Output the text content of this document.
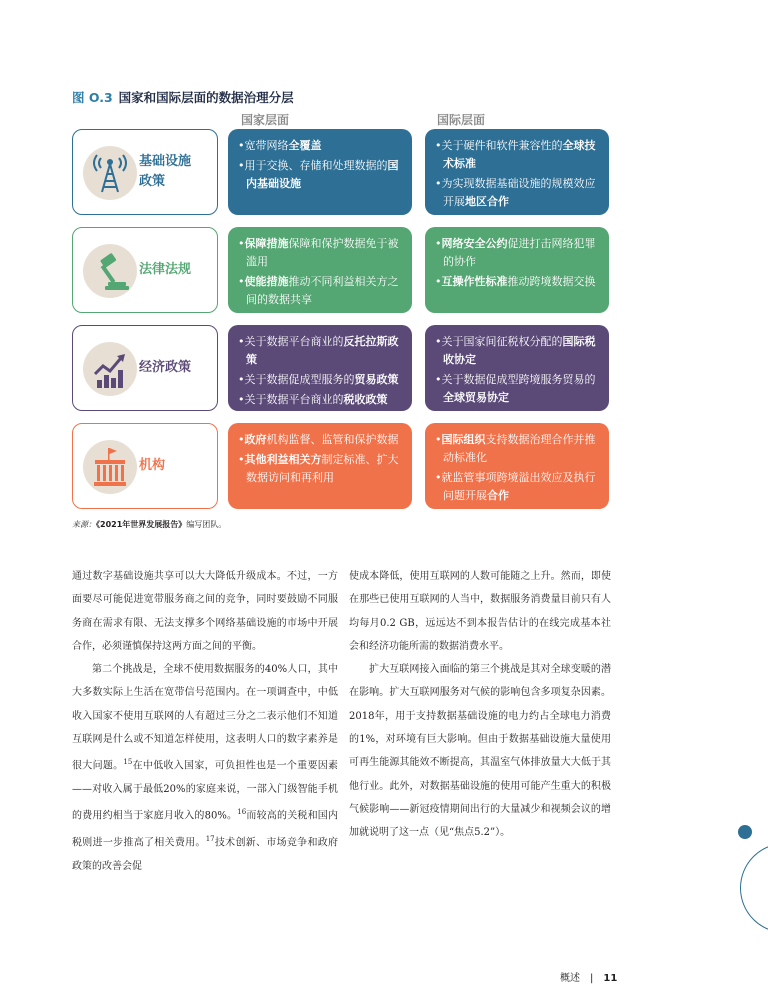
图 O.3 国家和国际层面的数据治理分层
国家层面	国际层面
基础设施
政策
•宽带网络全覆盖
•用于交换、存储和处理数据的国内基础设施
•关于硬件和软件兼容性的全球技术标准
•为实现数据基础设施的规模效应开展地区合作
法律法规
•保障措施保障和保护数据免于被滥用
•使能措施推动不同利益相关方之间的数据共享
•网络安全公约促进打击网络犯罪的协作
•互操作性标准推动跨境数据交换
经济政策
•关于数据平台商业的反托拉斯政策
•关于数据促成型服务的贸易政策
•关于数据平台商业的税收政策
•关于国家间征税权分配的国际税收协定
•关于数据促成型跨境服务贸易的全球贸易协定
机构
•政府机构监督、监管和保护数据
•其他利益相关方制定标准、扩大数据访问和再利用
•国际组织支持数据治理合作并推动标准化
•就监管事项跨境溢出效应及执行问题开展合作
来源：《2021年世界发展报告》编写团队。

通过数字基础设施共享可以大大降低升级成本。不过，一方面要尽可能促进宽带服务商之间的竞争，同时要鼓励不同服务商在需求有限、无法支撑多个网络基础设施的市场中开展合作，必须谨慎保持这两方面之间的平衡。

第二个挑战是，全球不使用数据服务的40%人口，其中大多数实际上生活在宽带信号范围内。在一项调查中，中低收入国家不使用互联网的人有超过三分之二表示他们不知道互联网是什么或不知道怎样使用，这表明人口的数字素养是很大问题。$^{15}$在中低收入国家，可负担性也是一个重要因素——对收入属于最低20%的家庭来说，一部入门级智能手机的费用约相当于家庭月收入的80%。$^{16}$而较高的关税和国内税则进一步推高了相关费用。$^{17}$技术创新、市场竞争和政府政策的改善会促

使成本降低，使用互联网的人数可能随之上升。然而，即使在那些已使用互联网的人当中，数据服务消费量目前只有人均每月0.2 GB，远远达不到本报告估计的在线完成基本社会和经济功能所需的数据消费水平。

扩大互联网接入面临的第三个挑战是其对全球变暖的潜在影响。扩大互联网服务对气候的影响包含多项复杂因素。2018年，用于支持数据基础设施的电力约占全球电力消费的1%，对环境有巨大影响。但由于数据基础设施大量使用可再生能源其能效不断提高，其温室气体排放量大大低于其他行业。此外，对数据基础设施的使用可能产生重大的积极气候影响——新冠疫情期间出行的大量减少和视频会议的增加就说明了这一点（见“焦点5.2”）。

概述 | 11
